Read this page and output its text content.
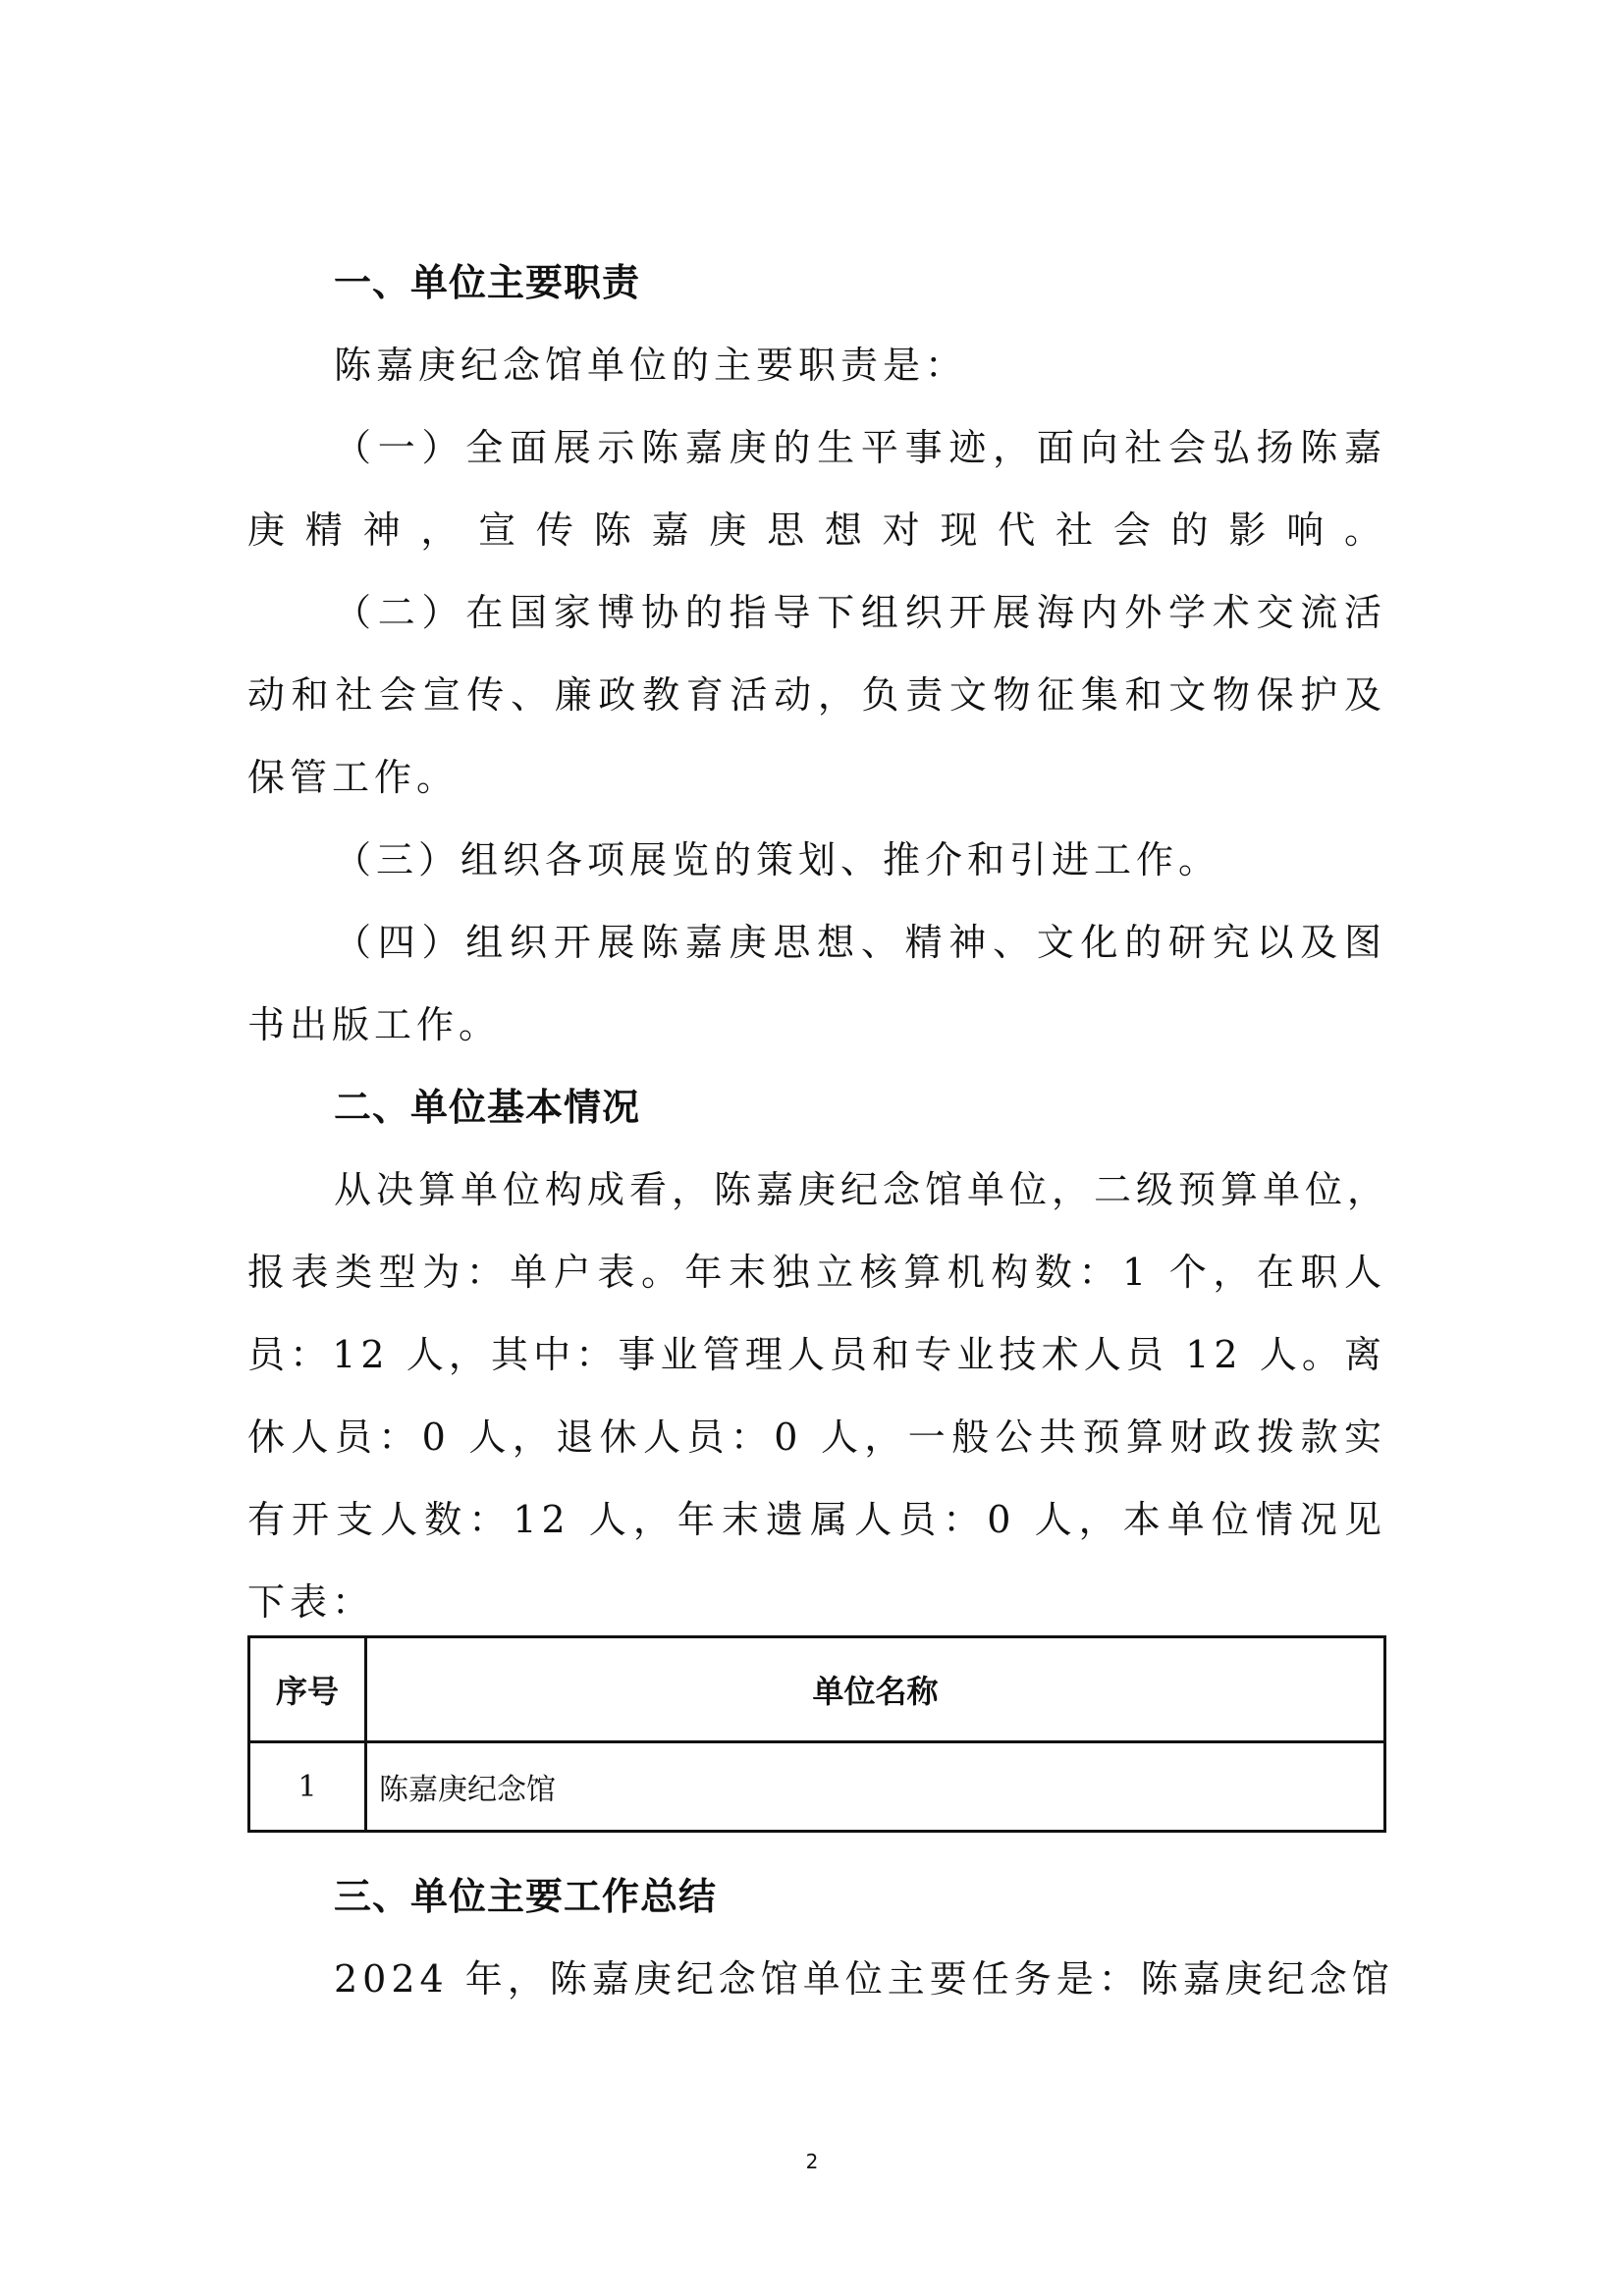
一、单位主要职责
陈嘉庚纪念馆单位的主要职责是：
（一）全面展示陈嘉庚的生平事迹，面向社会弘扬陈嘉
庚精神，宣传陈嘉庚思想对现代社会的影响。
（二）在国家博协的指导下组织开展海内外学术交流活
动和社会宣传、廉政教育活动，负责文物征集和文物保护及
保管工作。
（三）组织各项展览的策划、推介和引进工作。
（四）组织开展陈嘉庚思想、精神、文化的研究以及图
书出版工作。
二、单位基本情况
从决算单位构成看，陈嘉庚纪念馆单位，二级预算单位，
报表类型为：单户表。年末独立核算机构数：1 个，在职人
员：12 人，其中：事业管理人员和专业技术人员 12 人。离
休人员：0 人，退休人员：0 人，一般公共预算财政拨款实
有开支人数：12 人，年末遗属人员：0 人，本单位情况见
下表：
序号	单位名称
1	陈嘉庚纪念馆
三、单位主要工作总结
2024 年，陈嘉庚纪念馆单位主要任务是：陈嘉庚纪念馆
2
